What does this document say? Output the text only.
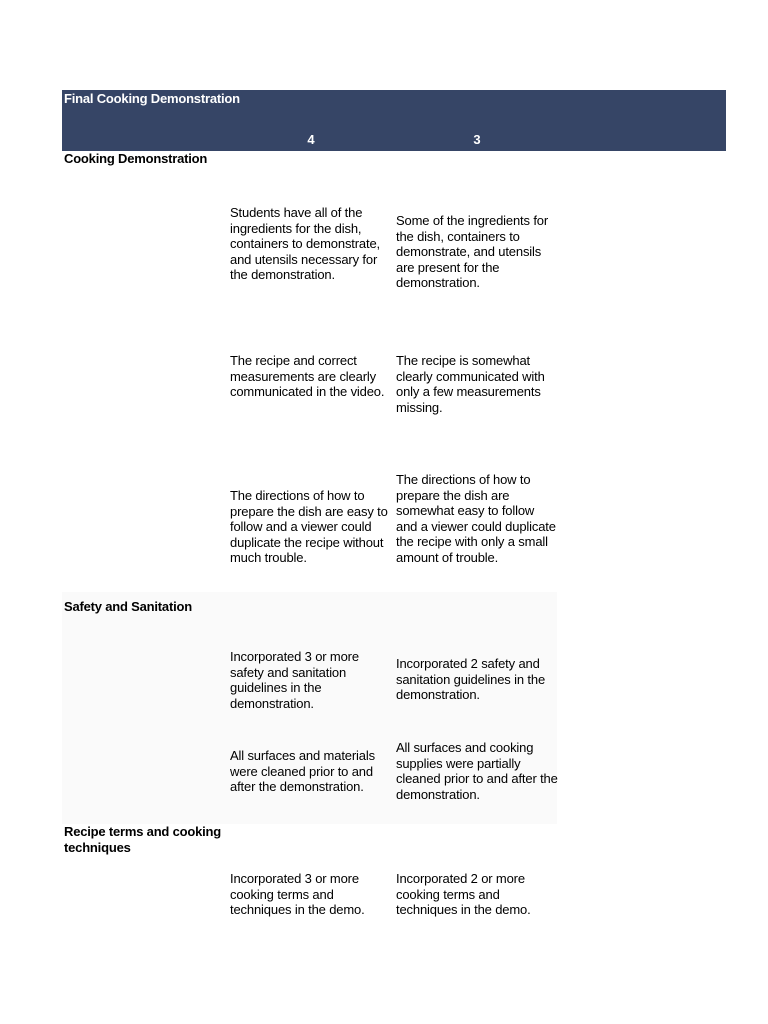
Final Cooking Demonstration
4	3
Cooking Demonstration
Students have all of the ingredients for the dish, containers to demonstrate, and utensils necessary for the demonstration.
Some of the ingredients for the dish, containers to demonstrate, and utensils are present for the demonstration.
The recipe and correct measurements are clearly communicated in the video.
The recipe is somewhat clearly communicated with only a few measurements missing.
The directions of how to prepare the dish are easy to follow and a viewer could duplicate the recipe without much trouble.
The directions of how to prepare the dish are somewhat easy to follow and a viewer could duplicate the recipe with only a small amount of trouble.
Safety and Sanitation
Incorporated 3 or more safety and sanitation guidelines in the demonstration.
Incorporated 2 safety and sanitation guidelines in the demonstration.
All surfaces and materials were cleaned prior to and after the demonstration.
All surfaces and cooking supplies were partially cleaned prior to and after the demonstration.
Recipe terms and cooking techniques
Incorporated 3 or more cooking terms and techniques in the demo.
Incorporated 2 or more cooking terms and techniques in the demo.
